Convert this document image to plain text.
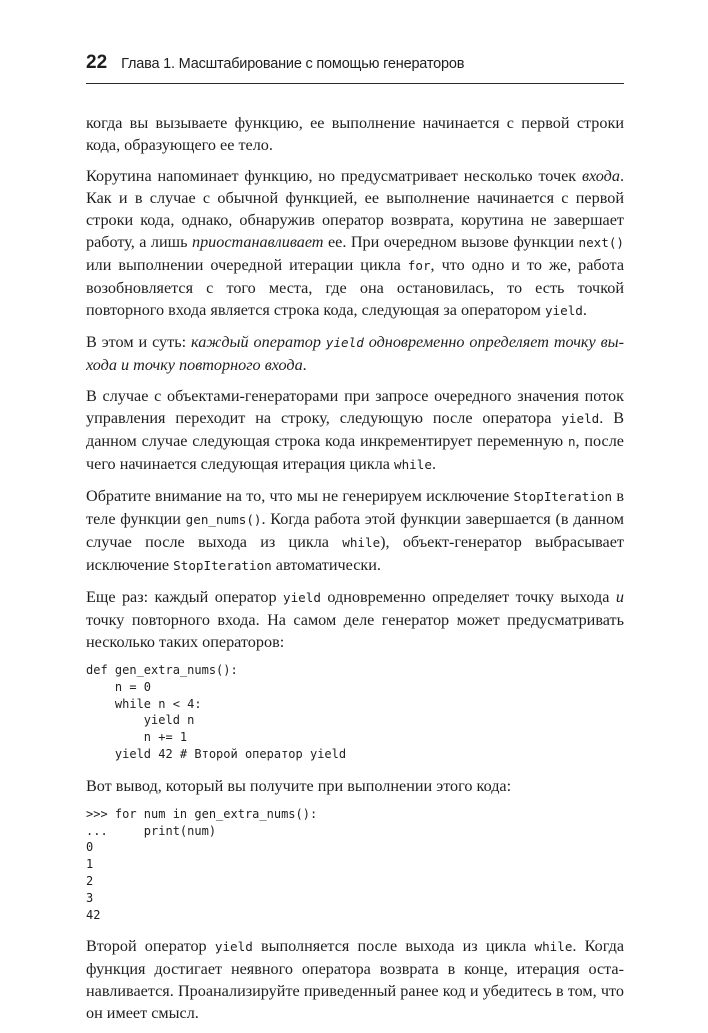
22 Глава 1. Масштабирование с помощью генераторов

когда вы вызываете функцию, ее выполнение начинается с первой строки кода, образующего ее тело.

Корутина напоминает функцию, но предусматривает несколько точек входа. Как и в случае с обычной функцией, ее выполнение начинается с первой строки кода, однако, обнаружив оператор возврата, корутина не завершает работу, а лишь приостанавливает ее. При очередном вызове функции next() или выполнении очередной итерации цикла for, что одно и то же, работа возобновляется с того места, где она остановилась, то есть точкой повторного входа является строка кода, следующая за оператором yield.

В этом и суть: каждый оператор yield одновременно определяет точку выхода и точку повторного входа.

В случае с объектами-генераторами при запросе очередного значения поток управления переходит на строку, следующую после оператора yield. В данном случае следующая строка кода инкрементирует переменную n, после чего начинается следующая итерация цикла while.

Обратите внимание на то, что мы не генерируем исключение StopIteration в теле функции gen_nums(). Когда работа этой функции завершается (в данном случае после выхода из цикла while), объект-генератор выбрасывает исключение StopIteration автоматически.

Еще раз: каждый оператор yield одновременно определяет точку выхода и точку повторного входа. На самом деле генератор может предусматривать несколько таких операторов:

def gen_extra_nums():
n = 0
while n < 4:
yield n
n += 1
yield 42 # Второй оператор yield

Вот вывод, который вы получите при выполнении этого кода:

>>> for num in gen_extra_nums():
...     print(num)
0
1
2
3
42

Второй оператор yield выполняется после выхода из цикла while. Когда функция достигает неявного оператора возврата в конце, итерация останавливается. Проанализируйте приведенный ранее код и убедитесь в том, что он имеет смысл.
